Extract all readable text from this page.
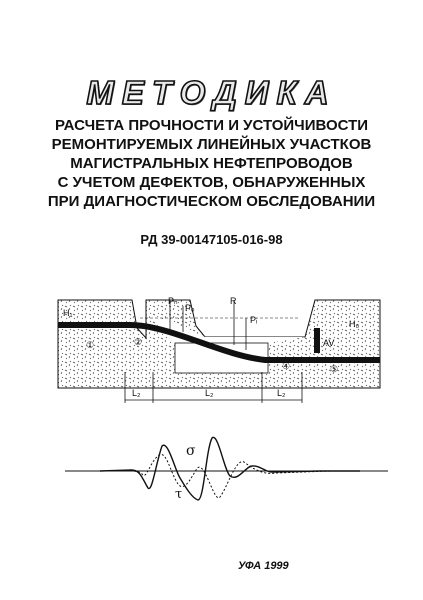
МЕТОДИКА
РАСЧЕТА ПРОЧНОСТИ И УСТОЙЧИВОСТИ
РЕМОНТИРУЕМЫХ ЛИНЕЙНЫХ УЧАСТКОВ
МАГИСТРАЛЬНЫХ НЕФТЕПРОВОДОВ
С УЧЕТОМ ДЕФЕКТОВ, ОБНАРУЖЕННЫХ
ПРИ ДИАГНОСТИЧЕСКОМ ОБСЛЕДОВАНИИ
РД 39-00147105-016-98
H₁
H₀
Pₙ
Pₒ
R
Pᵢ
AV
①	②
④	⑤
L₂	L₂	L₂
σ
τ
УФА 1999
